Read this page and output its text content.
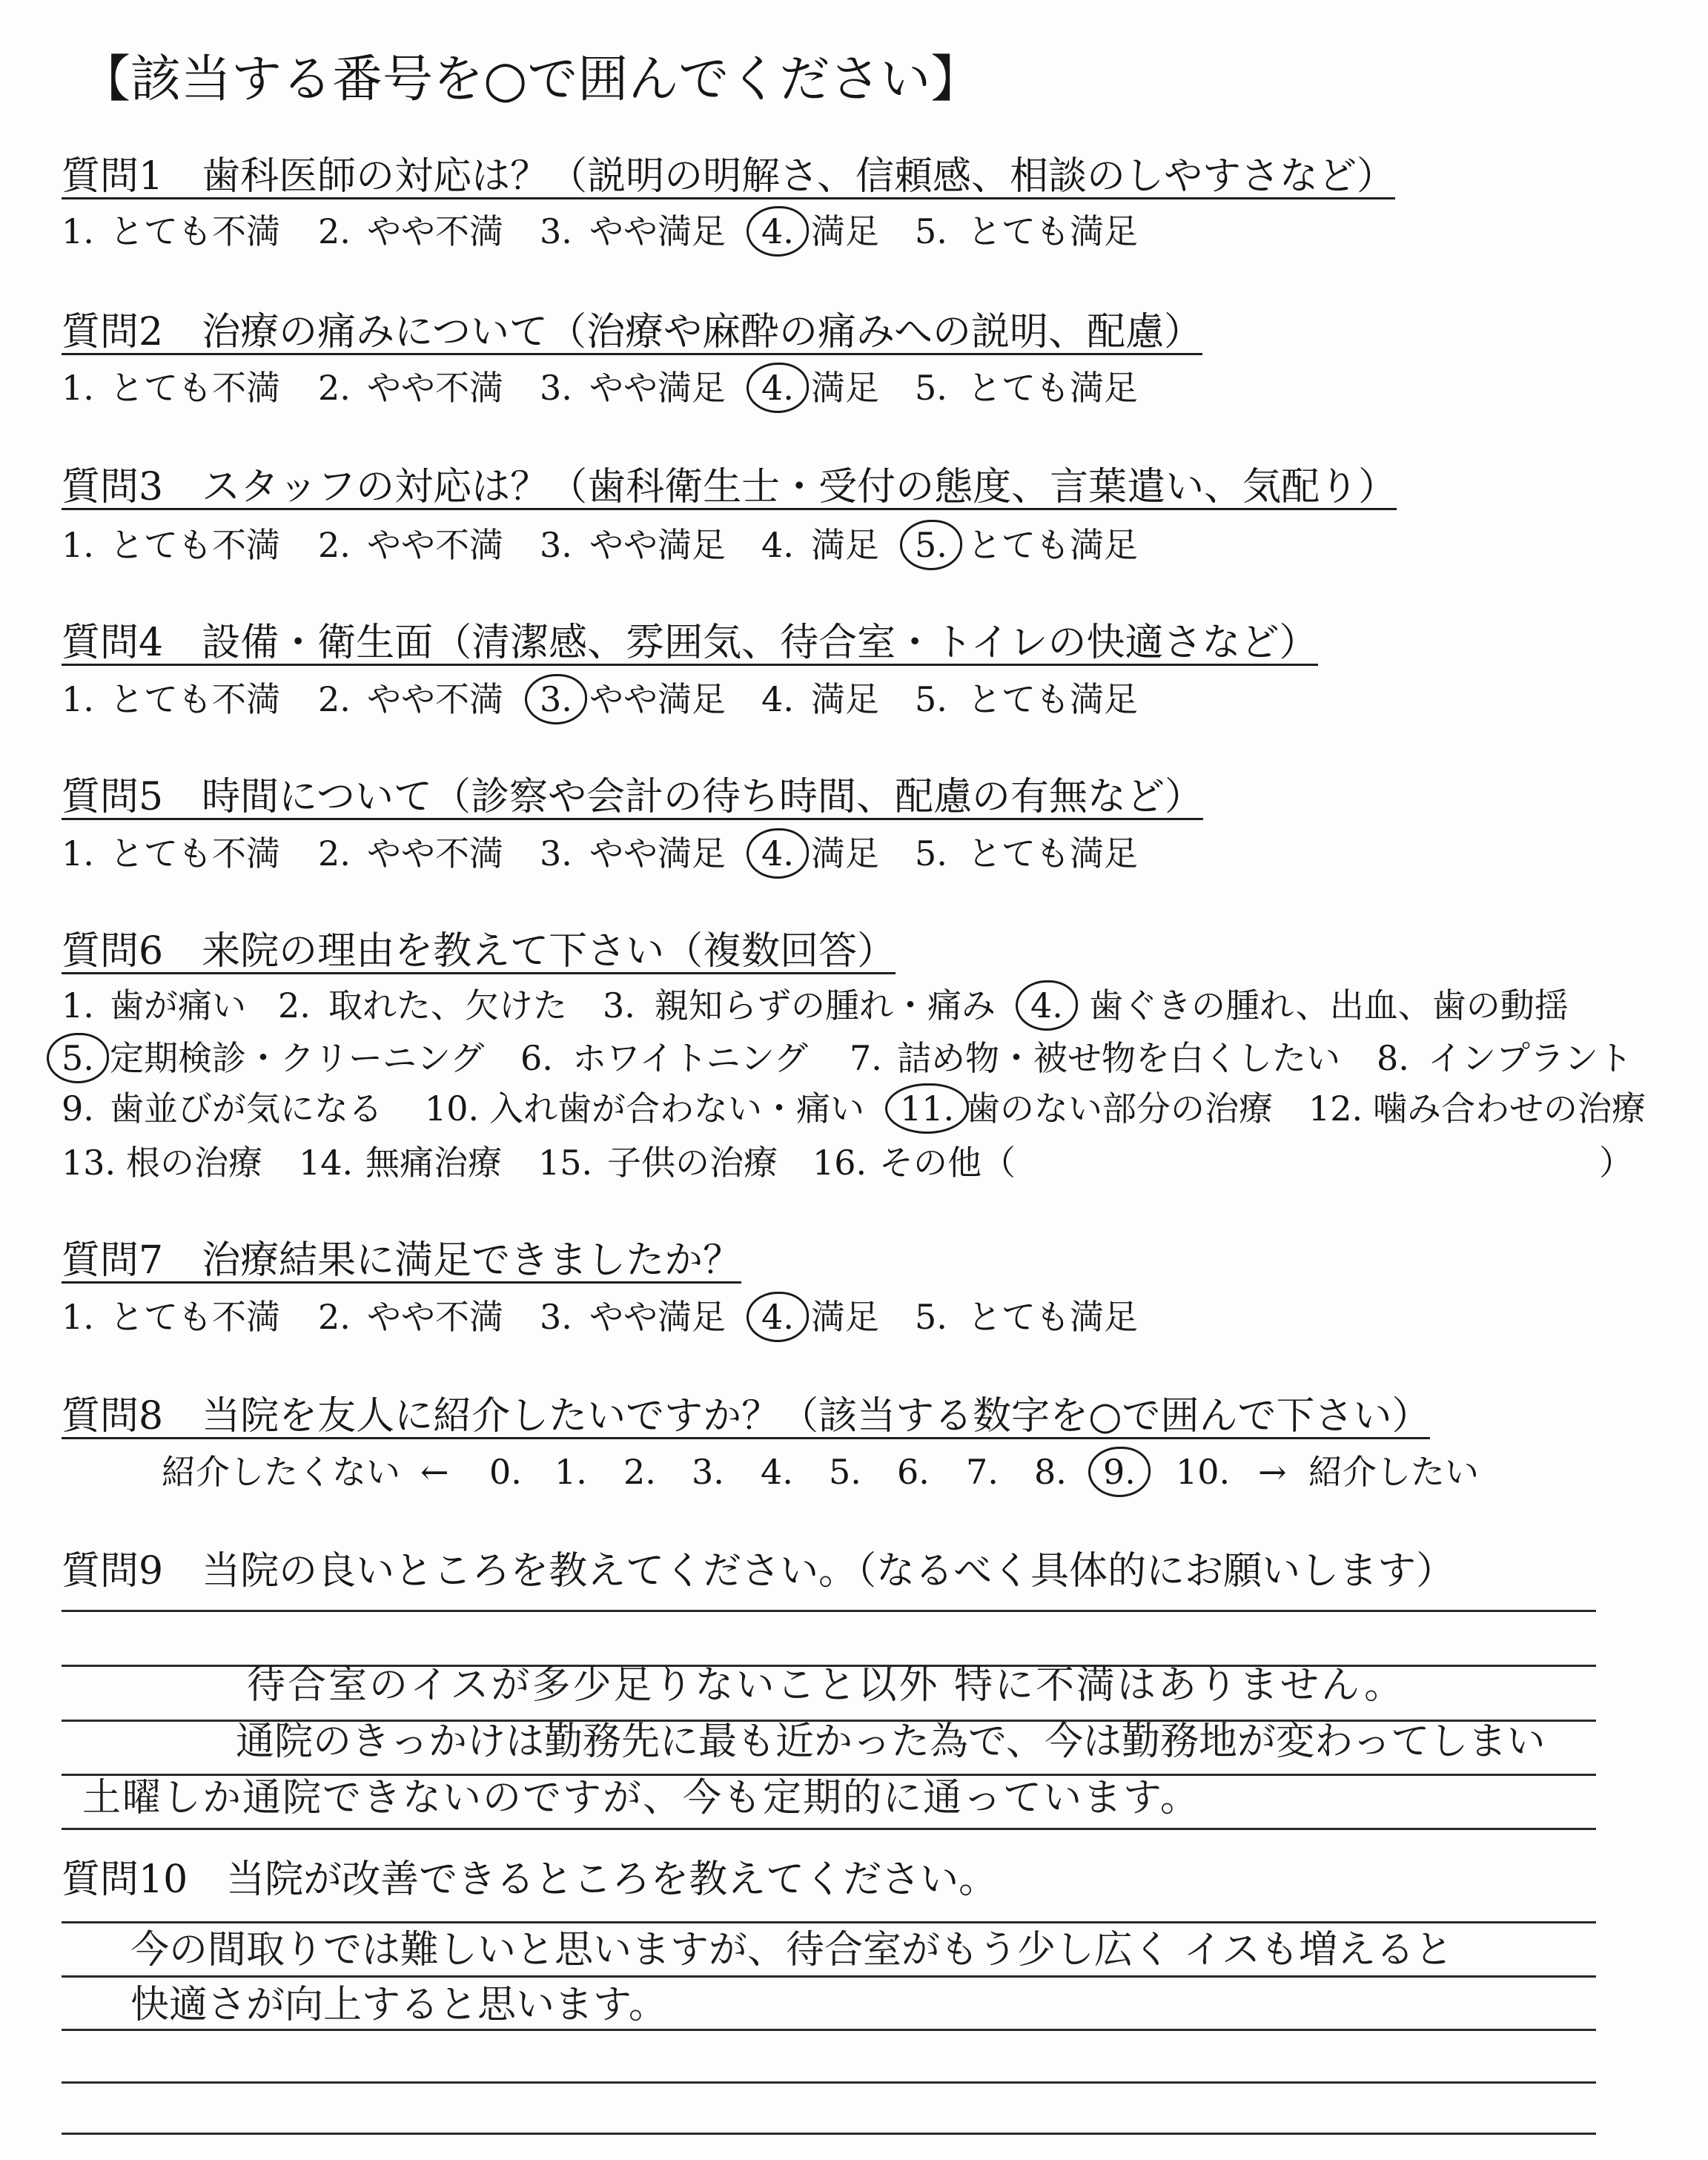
【該当する番号を○で囲んでください】
質問1 歯科医師の対応は？（説明の明解さ、信頼感、相談のしやすさなど）
1. とても不満 2. やや不満 3. やや満足 4. 満足 5. とても満足
質問2 治療の痛みについて（治療や麻酔の痛みへの説明、配慮）
1. とても不満 2. やや不満 3. やや満足 4. 満足 5. とても満足
質問3 スタッフの対応は？（歯科衛生士・受付の態度、言葉遣い、気配り）
1. とても不満 2. やや不満 3. やや満足 4. 満足 5. とても満足
質問4 設備・衛生面（清潔感、雰囲気、待合室・トイレの快適さなど）
1. とても不満 2. やや不満 3. やや満足 4. 満足 5. とても満足
質問5 時間について（診察や会計の待ち時間、配慮の有無など）
1. とても不満 2. やや不満 3. やや満足 4. 満足 5. とても満足
質問6 来院の理由を教えて下さい（複数回答）
1. 歯が痛い 2. 取れた、欠けた 3. 親知らずの腫れ・痛み 4. 歯ぐきの腫れ、出血、歯の動揺
5. 定期検診・クリーニング 6. ホワイトニング 7. 詰め物・被せ物を白くしたい 8. インプラント
9. 歯並びが気になる 10. 入れ歯が合わない・痛い 11. 歯のない部分の治療 12. 噛み合わせの治療
13. 根の治療 14. 無痛治療 15. 子供の治療 16. その他（	）
質問7 治療結果に満足できましたか？
1. とても不満 2. やや不満 3. やや満足 4. 満足 5. とても満足
質問8 当院を友人に紹介したいですか？（該当する数字を○で囲んで下さい）
紹介したくない ← 0. 1. 2. 3. 4. 5. 6. 7. 8. 9. 10. → 紹介したい
質問9 当院の良いところを教えてください。（なるべく具体的にお願いします）
待合室のイスが多少足りないこと以外 特に不満はありません。
通院のきっかけは勤務先に最も近かった為で、今は勤務地が変わってしまい
土曜しか通院できないのですが、今も定期的に通っています。
質問10 当院が改善できるところを教えてください。
今の間取りでは難しいと思いますが、待合室がもう少し広く イスも増えると
快適さが向上すると思います。
